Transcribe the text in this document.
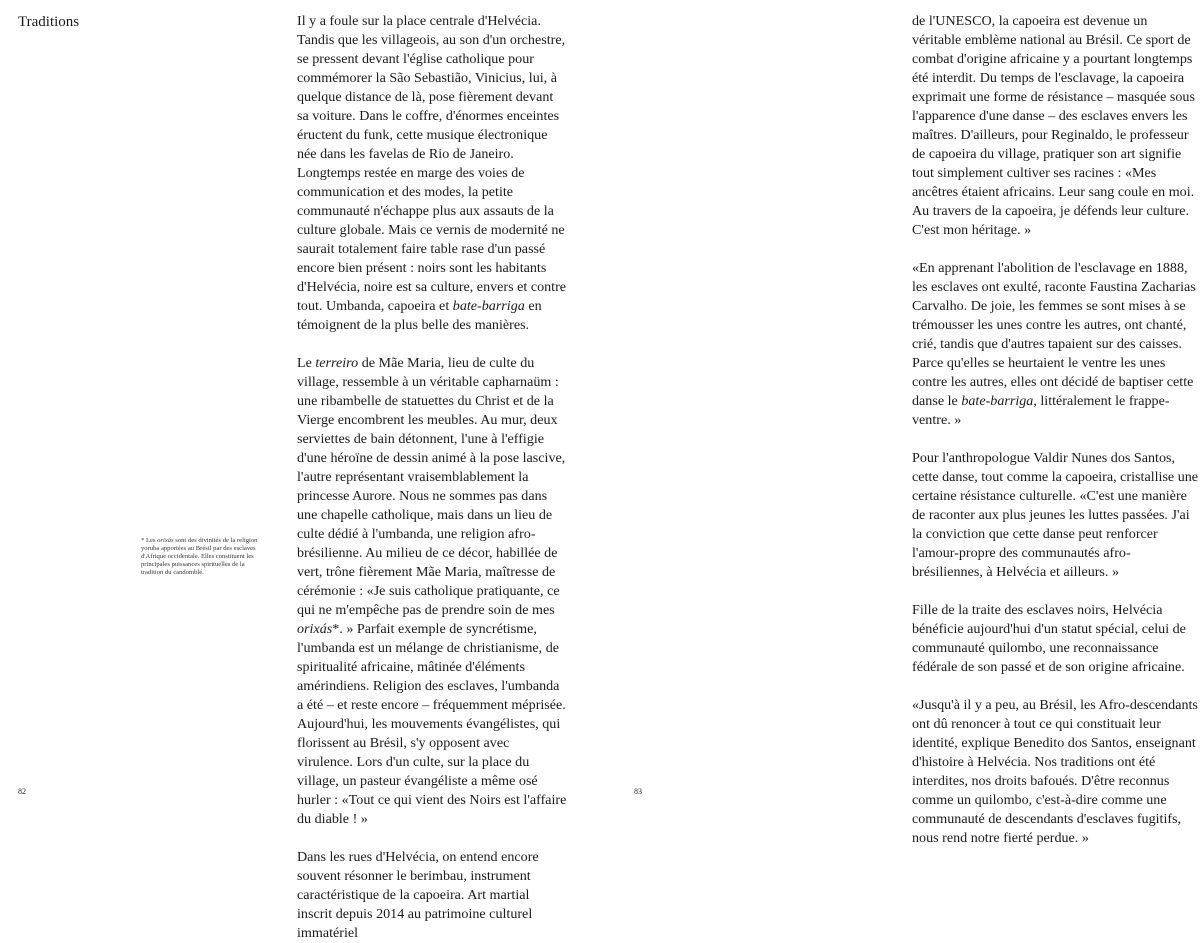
Traditions
* Les orixás sont des divinités de la religion yoruba apportées au Brésil par des esclaves d'Afrique occidentale. Elles constituent les principales puissances spirituelles de la tradition du candomblé.

Il y a foule sur la place centrale d'Helvécia. Tandis que les villageois, au son d'un orchestre, se pressent devant l'église catholique pour commémorer la São Sebastião, Vinicius, lui, à quelque distance de là, pose fièrement devant sa voiture. Dans le coffre, d'énormes enceintes éructent du funk, cette musique électronique née dans les favelas de Rio de Janeiro. Longtemps restée en marge des voies de communication et des modes, la petite communauté n'échappe plus aux assauts de la culture globale. Mais ce vernis de modernité ne saurait totalement faire table rase d'un passé encore bien présent : noirs sont les habitants d'Helvécia, noire est sa culture, envers et contre tout. Umbanda, capoeira et bate-barriga en témoignent de la plus belle des manières.

Le terreiro de Mãe Maria, lieu de culte du village, ressemble à un véritable capharnaüm : une ribambelle de statuettes du Christ et de la Vierge encombrent les meubles. Au mur, deux serviettes de bain détonnent, l'une à l'effigie d'une héroïne de dessin animé à la pose lascive, l'autre représentant vraisemblablement la princesse Aurore. Nous ne sommes pas dans une chapelle catholique, mais dans un lieu de culte dédié à l'umbanda, une religion afro-brésilienne. Au milieu de ce décor, habillée de vert, trône fièrement Mãe Maria, maîtresse de cérémonie : «Je suis catholique pratiquante, ce qui ne m'empêche pas de prendre soin de mes orixás*. » Parfait exemple de syncrétisme, l'umbanda est un mélange de christianisme, de spiritualité africaine, mâtinée d'éléments amérindiens. Religion des esclaves, l'umbanda a été – et reste encore – fréquemment méprisée. Aujourd'hui, les mouvements évangélistes, qui florissent au Brésil, s'y opposent avec virulence. Lors d'un culte, sur la place du village, un pasteur évangéliste a même osé hurler : «Tout ce qui vient des Noirs est l'affaire du diable ! »

Dans les rues d'Helvécia, on entend encore souvent résonner le berimbau, instrument caractéristique de la capoeira. Art martial inscrit depuis 2014 au patrimoine culturel immatériel

82

de l'UNESCO, la capoeira est devenue un véritable emblème national au Brésil. Ce sport de combat d'origine africaine y a pourtant longtemps été interdit. Du temps de l'esclavage, la capoeira exprimait une forme de résistance – masquée sous l'apparence d'une danse – des esclaves envers les maîtres. D'ailleurs, pour Reginaldo, le professeur de capoeira du village, pratiquer son art signifie tout simplement cultiver ses racines : «Mes ancêtres étaient africains. Leur sang coule en moi. Au travers de la capoeira, je défends leur culture. C'est mon héritage. »

«En apprenant l'abolition de l'esclavage en 1888, les esclaves ont exulté, raconte Faustina Zacharias Carvalho. De joie, les femmes se sont mises à se trémousser les unes contre les autres, ont chanté, crié, tandis que d'autres tapaient sur des caisses. Parce qu'elles se heurtaient le ventre les unes contre les autres, elles ont décidé de baptiser cette danse le bate-barriga, littéralement le frappe-ventre. »

Pour l'anthropologue Valdir Nunes dos Santos, cette danse, tout comme la capoeira, cristallise une certaine résistance culturelle. «C'est une manière de raconter aux plus jeunes les luttes passées. J'ai la conviction que cette danse peut renforcer l'amour-propre des communautés afro-brésiliennes, à Helvécia et ailleurs. »

Fille de la traite des esclaves noirs, Helvécia bénéficie aujourd'hui d'un statut spécial, celui de communauté quilombo, une reconnaissance fédérale de son passé et de son origine africaine.

«Jusqu'à il y a peu, au Brésil, les Afro-descendants ont dû renoncer à tout ce qui constituait leur identité, explique Benedito dos Santos, enseignant d'histoire à Helvécia. Nos traditions ont été interdites, nos droits bafoués. D'être reconnus comme un quilombo, c'est-à-dire comme une communauté de descendants d'esclaves fugitifs, nous rend notre fierté perdue. »

83
